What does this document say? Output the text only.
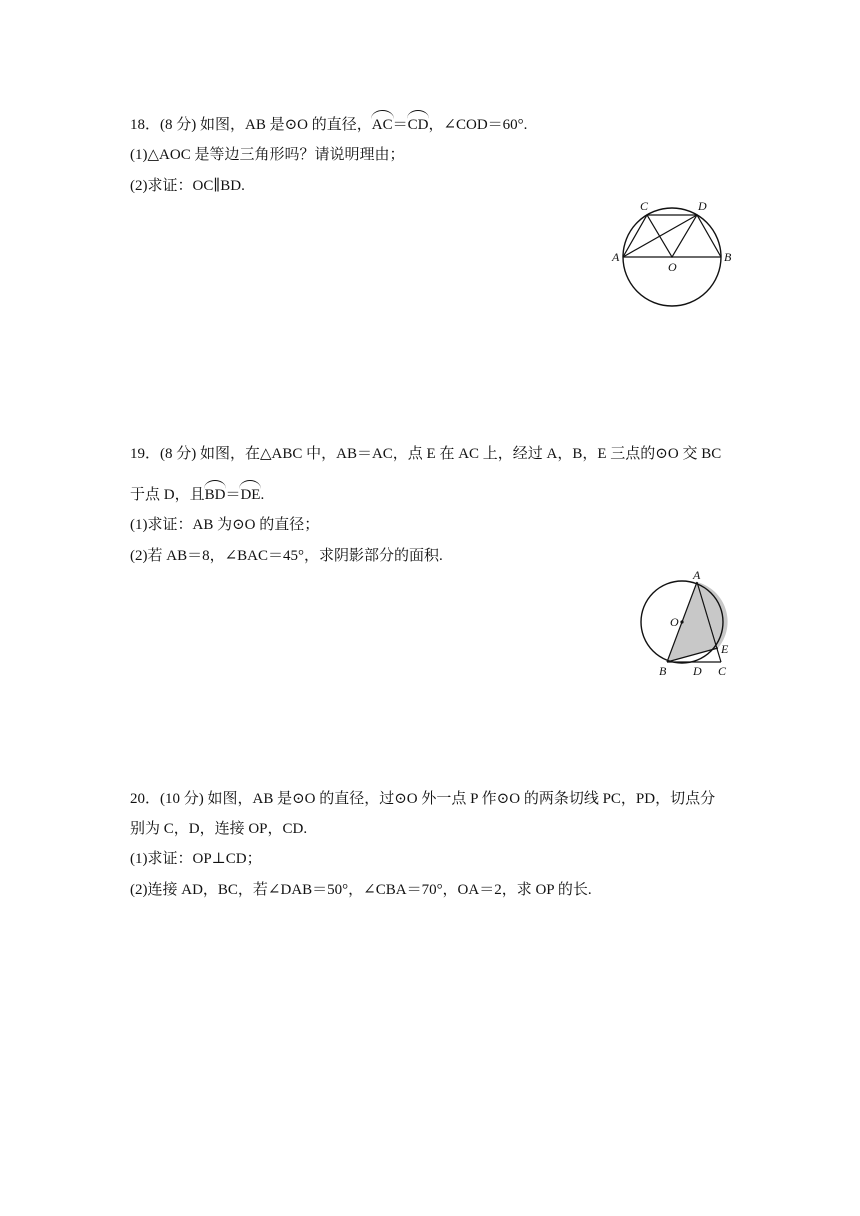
18．(8 分) 如图，AB 是⊙O 的直径，AC＝CD，∠COD＝60°.
(1)△AOC 是等边三角形吗？请说明理由；
(2)求证：OC∥BD.
A	B
C	D
O
19．(8 分) 如图，在△ABC 中，AB＝AC，点 E 在 AC 上，经过 A，B，E 三点的⊙O 交 BC
于点 D，且BD＝DE.
(1)求证：AB 为⊙O 的直径；
(2)若 AB＝8，∠BAC＝45°，求阴影部分的面积.
A
B	C
D
E
O
20．(10 分) 如图，AB 是⊙O 的直径，过⊙O 外一点 P 作⊙O 的两条切线 PC，PD，切点分
别为 C，D，连接 OP，CD.
(1)求证：OP⊥CD；
(2)连接 AD，BC，若∠DAB＝50°，∠CBA＝70°，OA＝2，求 OP 的长.
